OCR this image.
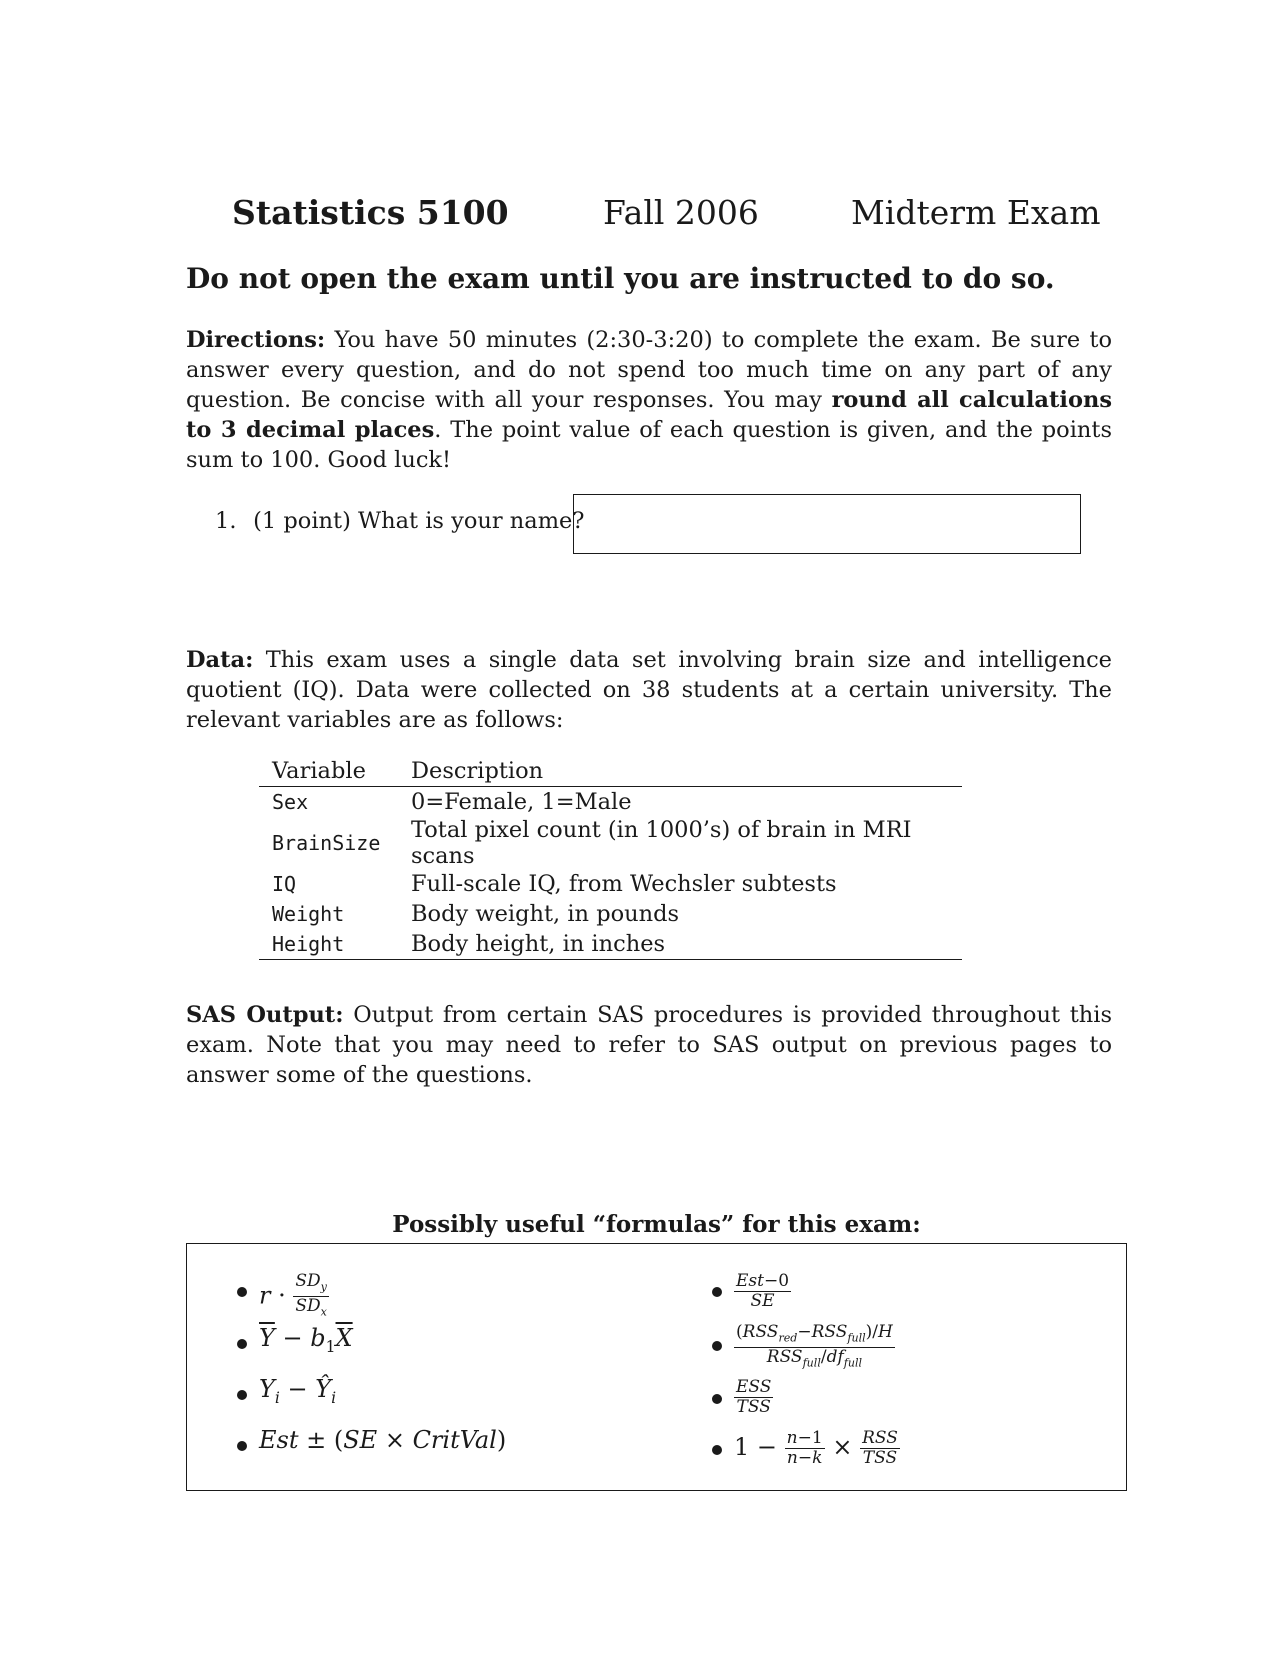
Statistics 5100	Fall 2006	Midterm Exam
Do not open the exam until you are instructed to do so.
Directions: You have 50 minutes (2:30-3:20) to complete the exam. Be sure to answer every question, and do not spend too much time on any part of any question. Be concise with all your responses. You may round all calculations to 3 decimal places. The point value of each question is given, and the points sum to 100. Good luck!
1. (1 point) What is your name?
Data: This exam uses a single data set involving brain size and intelligence quotient (IQ). Data were collected on 38 students at a certain university. The relevant variables are as follows:
Variable	Description
Sex	0=Female, 1=Male
BrainSize	Total pixel count (in 1000’s) of brain in MRI scans
IQ	Full-scale IQ, from Wechsler subtests
Weight	Body weight, in pounds
Height	Body height, in inches
SAS Output: Output from certain SAS procedures is provided throughout this exam. Note that you may need to refer to SAS output on previous pages to answer some of the questions.
Possibly useful “formulas” for this exam:
$r \cdot \frac{SD_y}{SD_x}$
$\overline{Y} - b_1\overline{X}$
$Y_i$ − $Ŷ_i$
Est ± (SE × CritVal)
$\frac{\text{Est−0}}{SE}$
$\frac{(RSS_{red}-RSS_{full})/H}{RSS_{full}/df_{full}}$
$\frac{\text{ESS}}{\text{TSS}}$
$1 - \frac{n-1}{n-k} \times \frac{\text{RSS}}{\text{TSS}}$
